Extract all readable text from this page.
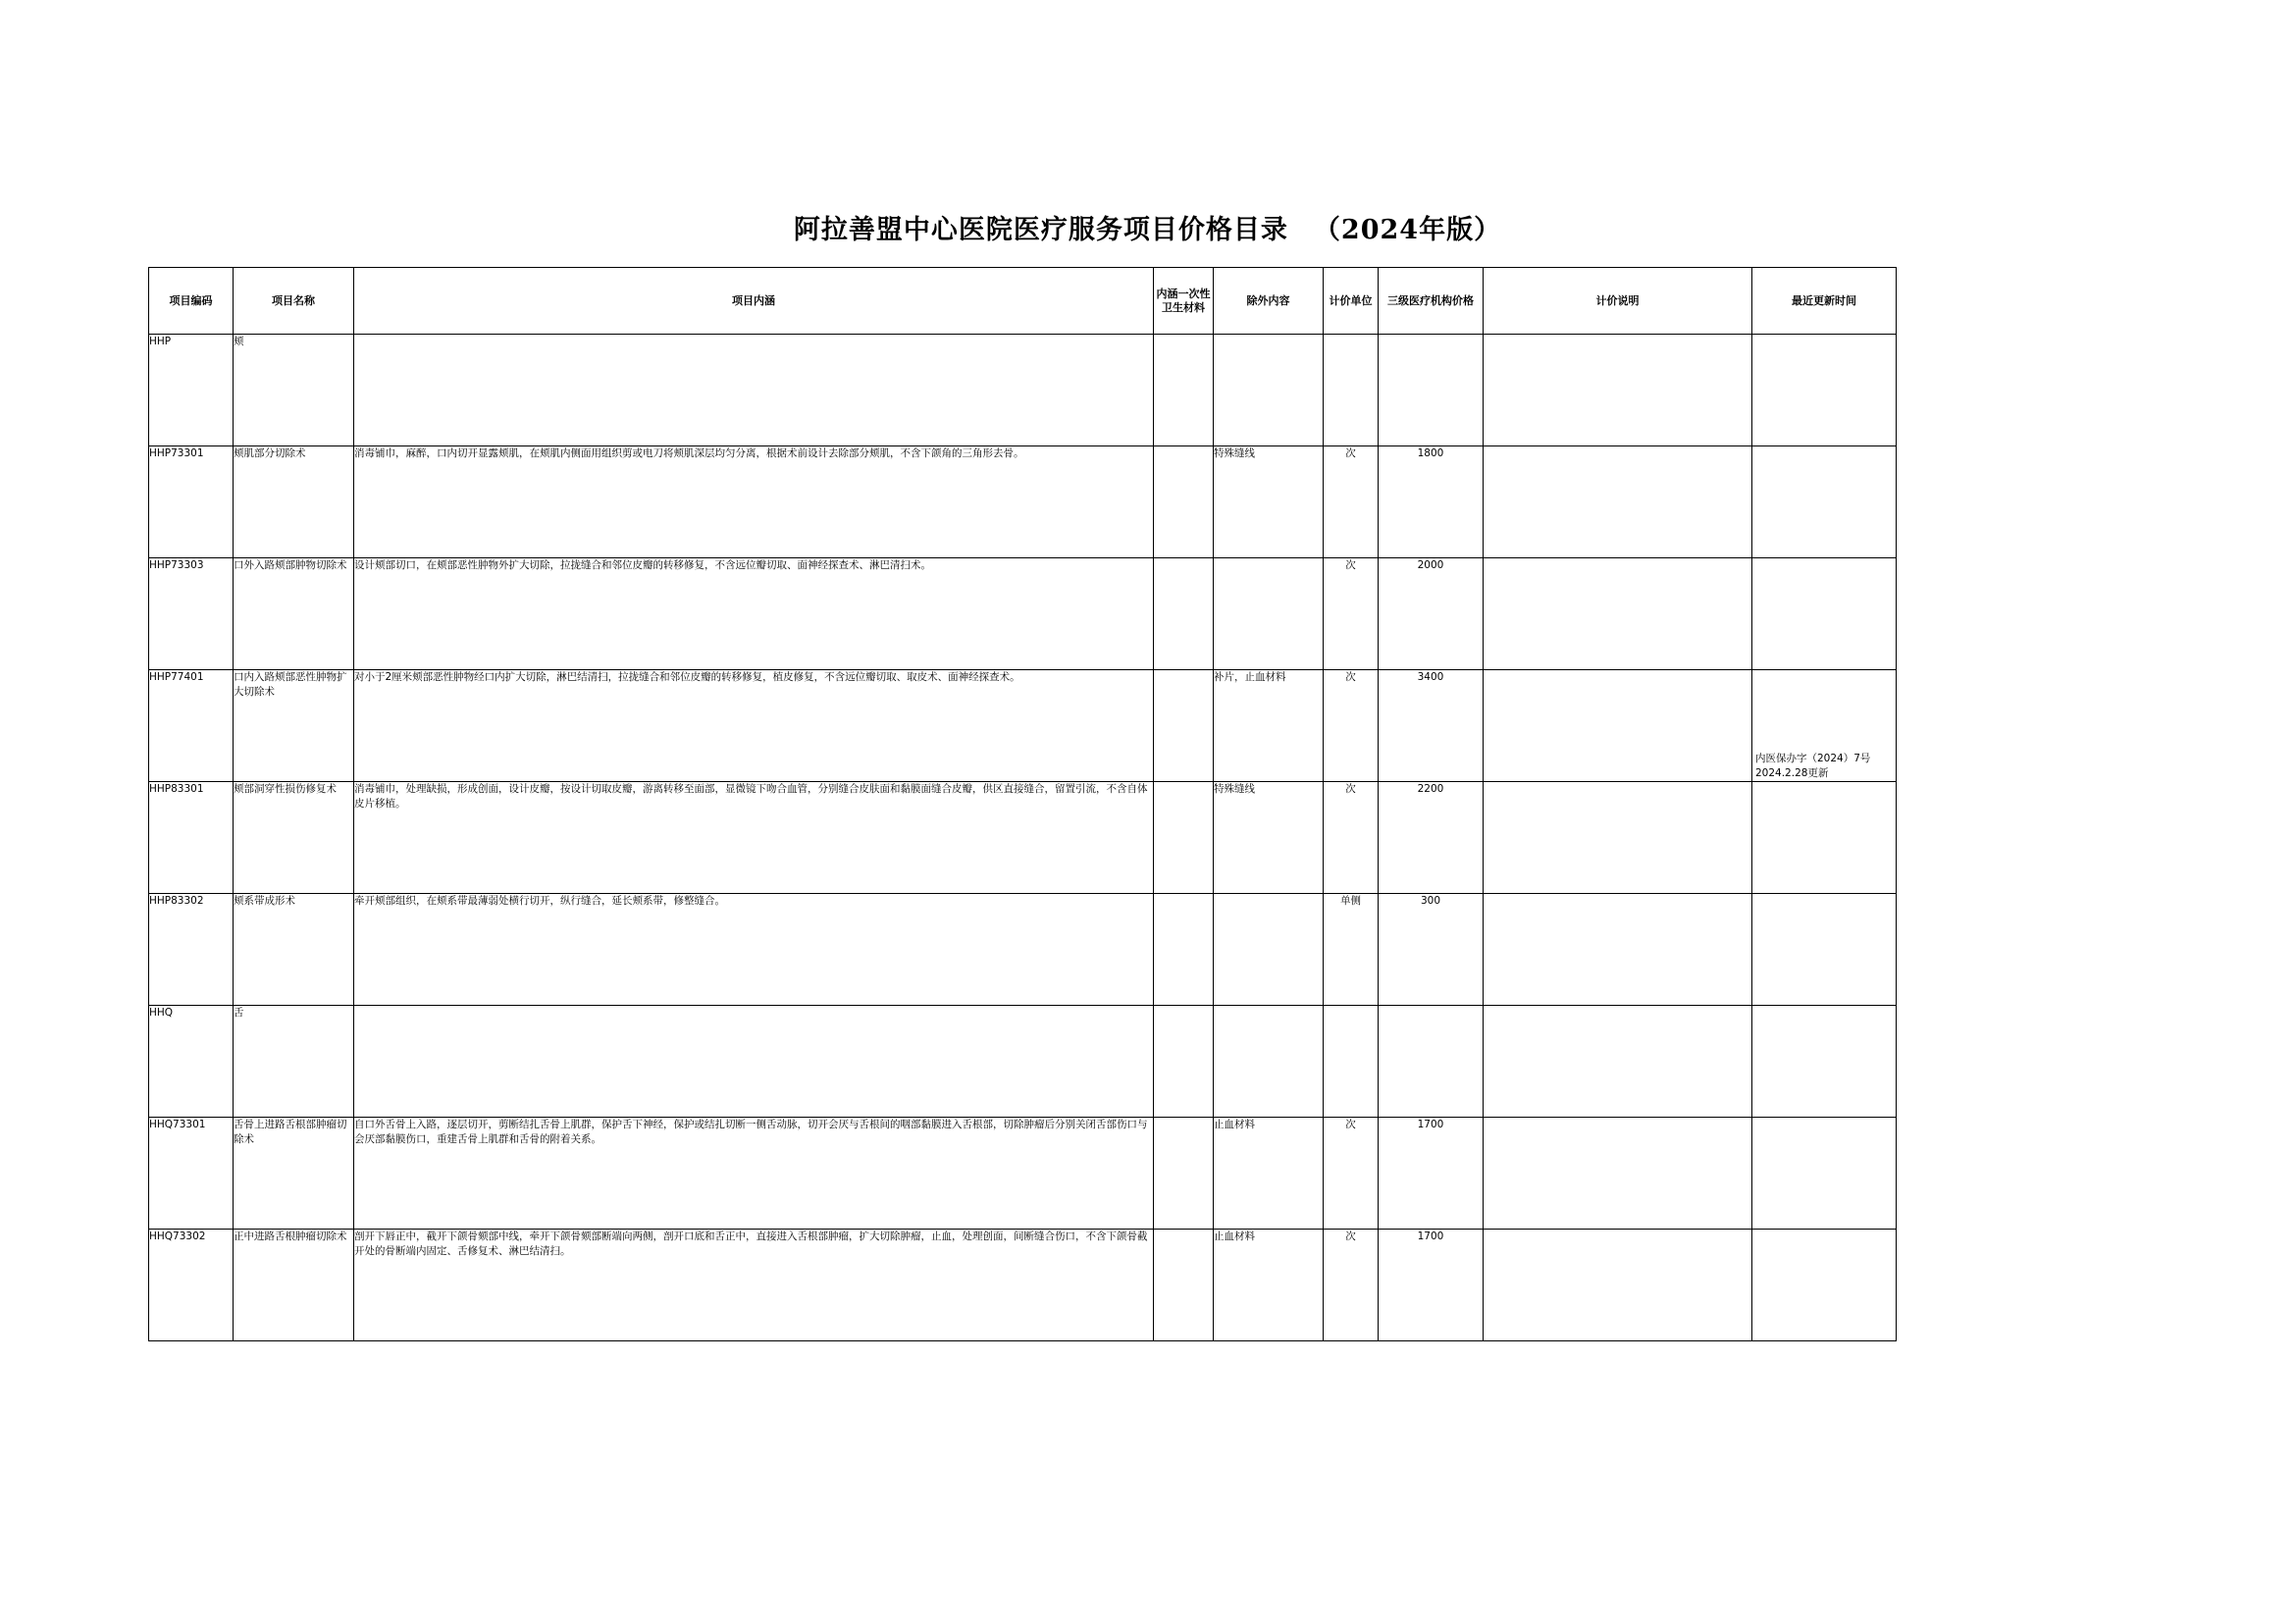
阿拉善盟中心医院医疗服务项目价格目录 （2024年版）
项目编码	项目名称	项目内涵	内涵一次性卫生材料	除外内容	计价单位	三级医疗机构价格	计价说明	最近更新时间
HHP	颊							

HHP73301	颊肌部分切除术	消毒铺巾，麻醉，口内切开显露颊肌，在颊肌内侧面用组织剪或电刀将颊肌深层均匀分离，根据术前设计去除部分颊肌，不含下颌角的三角形去骨。		特殊缝线	次	1800		

HHP73303	口外入路颊部肿物切除术	设计颊部切口，在颊部恶性肿物外扩大切除，拉拢缝合和邻位皮瓣的转移修复，不含远位瓣切取、面神经探查术、淋巴清扫术。			次	2000		

HHP77401	口内入路颊部恶性肿物扩大切除术	对小于2厘米颊部恶性肿物经口内扩大切除，淋巴结清扫，拉拢缝合和邻位皮瓣的转移修复，植皮修复，不含远位瓣切取、取皮术、面神经探查术。		补片，止血材料	次	3400		内医保办字（2024）7号 2024.2.28更新

HHP83301	颊部洞穿性损伤修复术	消毒铺巾，处理缺损，形成创面，设计皮瓣，按设计切取皮瓣，游离转移至面部，显微镜下吻合血管，分别缝合皮肤面和黏膜面缝合皮瓣，供区直接缝合，留置引流，不含自体皮片移植。		特殊缝线	次	2200		

HHP83302	颊系带成形术	牵开颊部组织，在颊系带最薄弱处横行切开，纵行缝合，延长颊系带，修整缝合。			单侧	300		

HHQ	舌							

HHQ73301	舌骨上进路舌根部肿瘤切除术	自口外舌骨上入路，逐层切开，剪断结扎舌骨上肌群，保护舌下神经，保护或结扎切断一侧舌动脉，切开会厌与舌根间的咽部黏膜进入舌根部，切除肿瘤后分别关闭舌部伤口与会厌部黏膜伤口，重建舌骨上肌群和舌骨的附着关系。		止血材料	次	1700		

HHQ73302	正中进路舌根肿瘤切除术	剖开下唇正中，截开下颌骨颏部中线，牵开下颌骨颏部断端向两侧，剖开口底和舌正中，直接进入舌根部肿瘤，扩大切除肿瘤，止血，处理创面，间断缝合伤口，不含下颌骨截开处的骨断端内固定、舌修复术、淋巴结清扫。		止血材料	次	1700		
